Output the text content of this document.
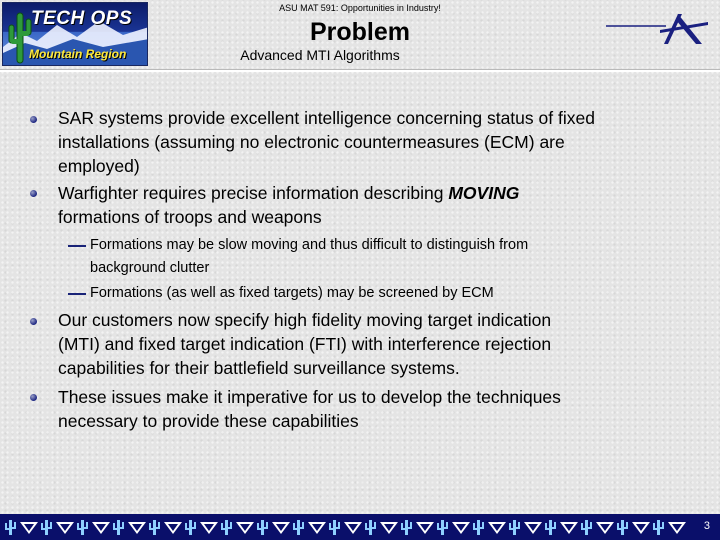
TECH OPS
Mountain Region
ASU MAT 591: Opportunities in Industry!
Problem
Advanced MTI Algorithms
SAR systems provide excellent intelligence concerning status of fixed
installations (assuming no electronic countermeasures (ECM) are
employed)
Warfighter requires precise information describing MOVING
formations of troops and weapons
Formations may be slow moving and thus difficult to distinguish from
background clutter
Formations (as well as fixed targets) may be screened by ECM
Our customers now specify high fidelity moving target indication
(MTI) and fixed target indication (FTI) with interference rejection
capabilities for their battlefield surveillance systems.
These issues make it imperative for us to develop the techniques
necessary to provide these capabilities
3
